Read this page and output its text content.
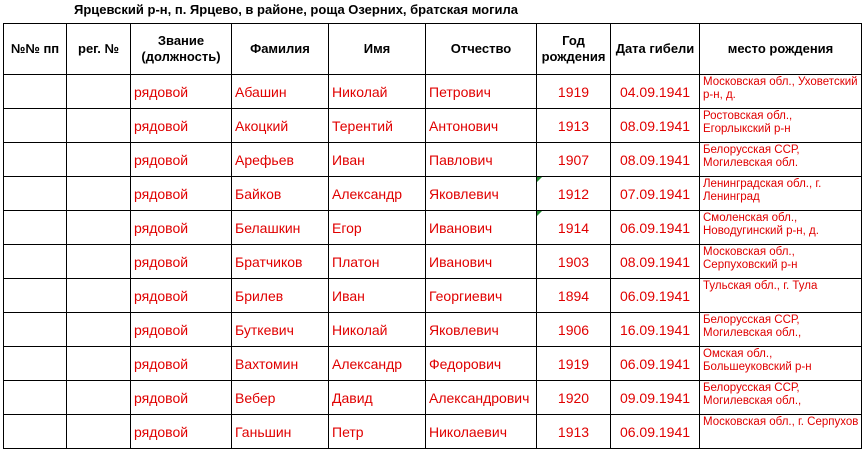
Ярцевский р-н, п. Ярцево, в районе, роща Озерних, братская могила
№№ пп	рег. №	Звание (должность)	Фамилия	Имя	Отчество	Год рождения	Дата гибели	место рождения
		рядовой	Абашин	Николай	Петрович	1919	04.09.1941	Московская обл., Уховетский р-н, д.

		рядовой	Акоцкий	Терентий	Антонович	1913	08.09.1941	Ростовская обл., Егорлыкский р-н

		рядовой	Арефьев	Иван	Павлович	1907	08.09.1941	Белорусская ССР, Могилевская обл.

		рядовой	Байков	Александр	Яковлевич	1912	07.09.1941	Ленинградская обл., г. Ленинград

		рядовой	Белашкин	Егор	Иванович	1914	06.09.1941	Смоленская обл., Новодугинский р-н, д.

		рядовой	Братчиков	Платон	Иванович	1903	08.09.1941	Московская обл., Серпуховский р-н

		рядовой	Брилев	Иван	Георгиевич	1894	06.09.1941	Тульская обл., г. Тула

		рядовой	Буткевич	Николай	Яковлевич	1906	16.09.1941	Белорусская ССР, Могилевская обл.,

		рядовой	Вахтомин	Александр	Федорович	1919	06.09.1941	Омская обл., Большеуковский р-н

		рядовой	Вебер	Давид	Александрович	1920	09.09.1941	Белорусская ССР, Могилевская обл.,

		рядовой	Ганьшин	Петр	Николаевич	1913	06.09.1941	Московская обл., г. Серпухов
